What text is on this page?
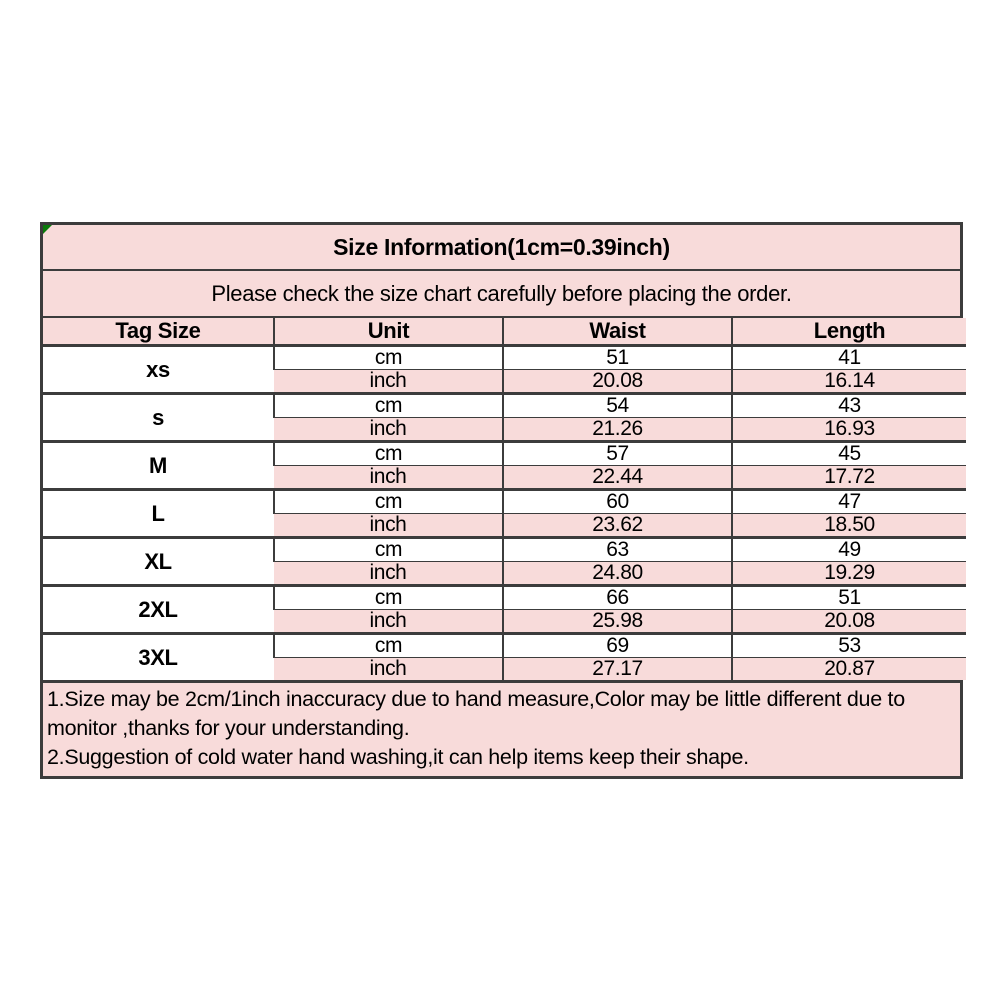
Size Information(1cm=0.39inch)
Please check the size chart carefully before placing the order.
Tag Size	Unit	Waist	Length
xs	cm	51	41
	inch	20.08	16.14
s	cm	54	43
	inch	21.26	16.93
M	cm	57	45
	inch	22.44	17.72
L	cm	60	47
	inch	23.62	18.50
XL	cm	63	49
	inch	24.80	19.29
2XL	cm	66	51
	inch	25.98	20.08
3XL	cm	69	53
	inch	27.17	20.87

1.Size may be 2cm/1inch inaccuracy due to hand measure,Color may be little different due to monitor ,thanks for your understanding.

2.Suggestion of cold water hand washing,it can help items keep their shape.
